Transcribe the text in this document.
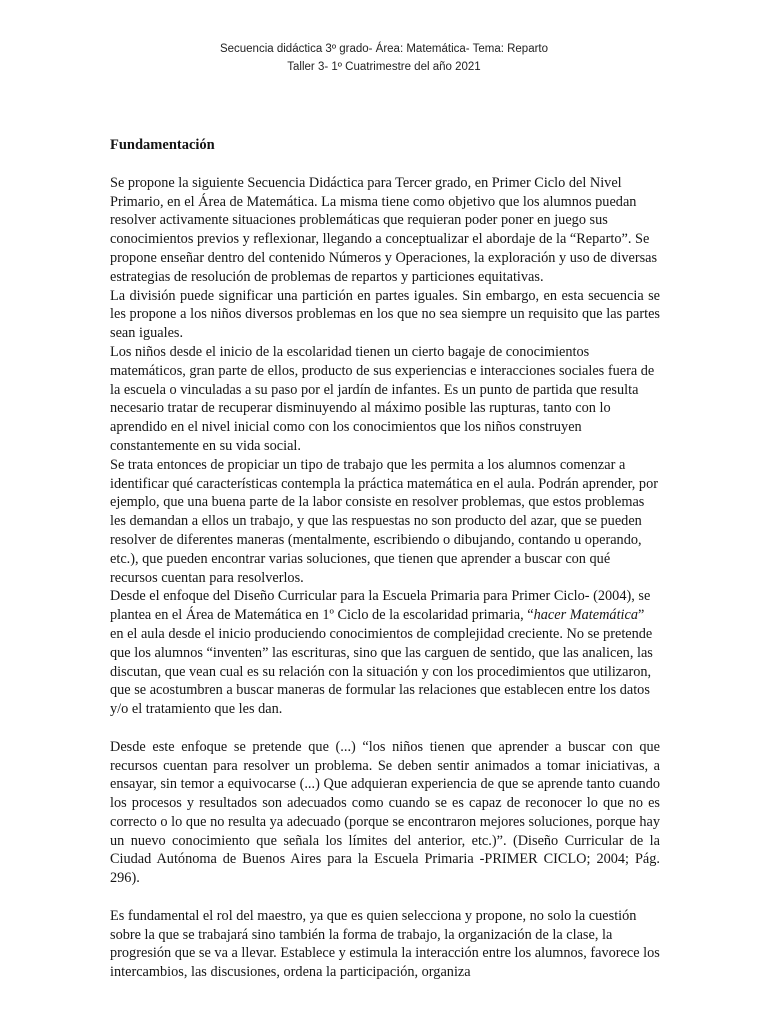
Secuencia didáctica 3º grado- Área: Matemática- Tema: Reparto
Taller 3- 1º Cuatrimestre del año 2021
Fundamentación

Se propone la siguiente Secuencia Didáctica para Tercer grado, en Primer Ciclo del Nivel Primario, en el Área de Matemática. La misma tiene como objetivo que los alumnos puedan resolver activamente situaciones problemáticas que requieran poder poner en juego sus conocimientos previos y reflexionar, llegando a conceptualizar el abordaje de la “Reparto”. Se propone enseñar dentro del contenido Números y Operaciones, la exploración y uso de diversas estrategias de resolución de problemas de repartos y particiones equitativas.

La división puede significar una partición en partes iguales. Sin embargo, en esta secuencia se les propone a los niños diversos problemas en los que no sea siempre un requisito que las partes sean iguales.

Los niños desde el inicio de la escolaridad tienen un cierto bagaje de conocimientos matemáticos, gran parte de ellos, producto de sus experiencias e interacciones sociales fuera de la escuela o vinculadas a su paso por el jardín de infantes. Es un punto de partida que resulta necesario tratar de recuperar disminuyendo al máximo posible las rupturas, tanto con lo aprendido en el nivel inicial como con los conocimientos que los niños construyen constantemente en su vida social.

Se trata entonces de propiciar un tipo de trabajo que les permita a los alumnos comenzar a identificar qué características contempla la práctica matemática en el aula. Podrán aprender, por ejemplo, que una buena parte de la labor consiste en resolver problemas, que estos problemas les demandan a ellos un trabajo, y que las respuestas no son producto del azar, que se pueden resolver de diferentes maneras (mentalmente, escribiendo o dibujando, contando u operando, etc.), que pueden encontrar varias soluciones, que tienen que aprender a buscar con qué recursos cuentan para resolverlos.

Desde el enfoque del Diseño Curricular para la Escuela Primaria para Primer Ciclo- (2004), se plantea en el Área de Matemática en 1º Ciclo de la escolaridad primaria, “hacer Matemática” en el aula desde el inicio produciendo conocimientos de complejidad creciente. No se pretende que los alumnos “inventen” las escrituras, sino que las carguen de sentido, que las analicen, las discutan, que vean cual es su relación con la situación y con los procedimientos que utilizaron, que se acostumbren a buscar maneras de formular las relaciones que establecen entre los datos y/o el tratamiento que les dan.

Desde este enfoque se pretende que (...) “los niños tienen que aprender a buscar con que recursos cuentan para resolver un problema. Se deben sentir animados a tomar iniciativas, a ensayar, sin temor a equivocarse (...) Que adquieran experiencia de que se aprende tanto cuando los procesos y resultados son adecuados como cuando se es capaz de reconocer lo que no es correcto o lo que no resulta ya adecuado (porque se encontraron mejores soluciones, porque hay un nuevo conocimiento que señala los límites del anterior, etc.)”. (Diseño Curricular de la Ciudad Autónoma de Buenos Aires para la Escuela Primaria -PRIMER CICLO; 2004; Pág. 296).

Es fundamental el rol del maestro, ya que es quien selecciona y propone, no solo la cuestión sobre la que se trabajará sino también la forma de trabajo, la organización de la clase, la progresión que se va a llevar. Establece y estimula la interacción entre los alumnos, favorece los intercambios, las discusiones, ordena la participación, organiza
